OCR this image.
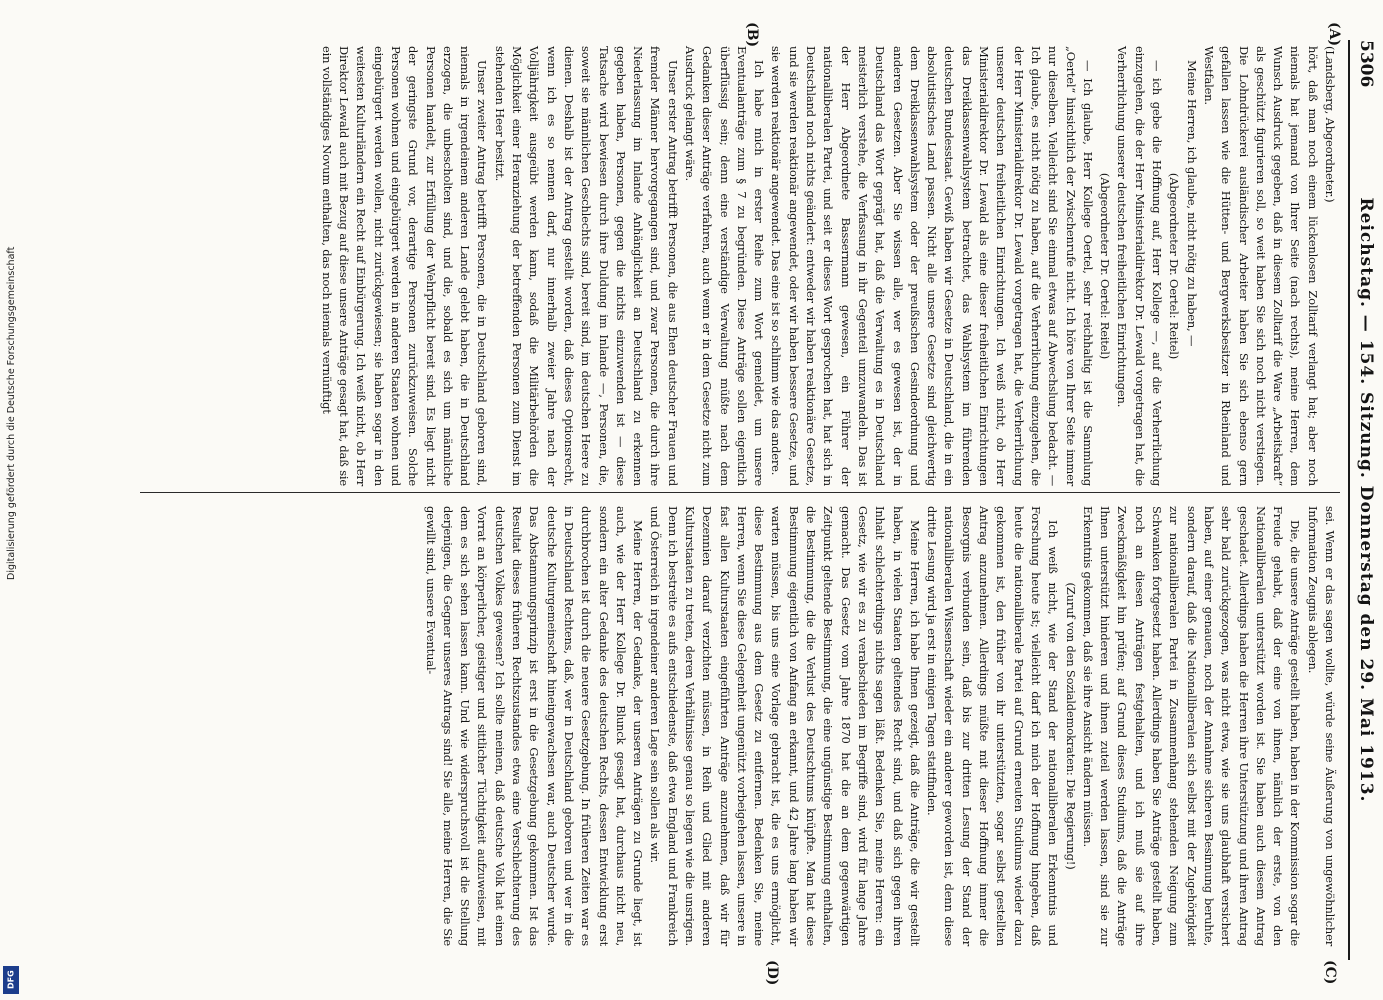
5306
Reichstag. — 154. Sitzung. Donnerstag den 29. Mai 1913.
(A)
(B)
(C)
(D)

(Landsberg, Abgeordneter.)

hört, daß man noch einem lückenlosen Zolltarif verlangt hat; aber noch niemals hat jemand von Ihrer Seite (nach rechts), meine Herren, dem Wunsch Ausdruck gegeben, daß in diesem Zolltarif die Ware „Arbeitskraft“ als geschützt figurieren soll, so weit haben Sie sich noch nicht verstiegen. Die Lohndrückerei ausländischer Arbeiter haben Sie sich ebenso gern gefallen lassen wie die Hütten- und Bergwerksbesitzer in Rheinland und Westfalen.

Meine Herren, ich glaube, nicht nötig zu haben, —

(Abgeordneter Dr. Oertel: Reitel)

— ich gebe die Hoffnung auf, Herr Kollege —, auf die Verherrlichung einzugehen, die der Herr Ministerialdirektor Dr. Lewald vorgetragen hat, die Verherrlichung unserer deutschen freiheitlichen Einrichtungen.

(Abgeordneter Dr. Oertel: Reitel)

— Ich glaube, Herr Kollege Oertel, sehr reichhaltig ist die Sammlung „Oertel“ hinsichtlich der Zwischenrufe nicht. Ich höre von Ihrer Seite immer nur dieselben. Vielleicht sind Sie einmal etwas auf Abwechslung bedacht. — Ich glaube, es nicht nötig zu haben, auf die Verherrlichung einzugehen, die der Herr Ministerialdirektor Dr. Lewald vorgetragen hat, die Verherrlichung unserer deutschen freiheitlichen Einrichtungen. Ich weiß nicht, ob Herr Ministerialdirektor Dr. Lewald als eine dieser freiheitlichen Einrichtungen das Dreiklassenwahlsystem betrachtet, das Wahlsystem im führenden deutschen Bundesstaat. Gewiß haben wir Gesetze in Deutschland, die in ein absolutistisches Land passen. Nicht alle unsere Gesetze sind gleichwertig dem Dreiklassenwahlsystem oder der preußischen Gesindeordnung und anderen Gesetzen. Aber Sie wissen alle, wer es gewesen ist, der in Deutschland das Wort geprägt hat, daß die Verwaltung es in Deutschland meisterlich verstehe, die Verfassung in ihr Gegenteil umzuwandeln. Das ist der Herr Abgeordnete Bassermann gewesen, ein Führer der nationalliberalen Partei, und seit er dieses Wort gesprochen hat, hat sich in Deutschland noch nichts geändert: entweder wir haben reaktionäre Gesetze, und sie werden reaktionär angewendet, oder wir haben bessere Gesetze, und sie werden reaktionär angewendet. Das eine ist so schlimm wie das andere.

Ich habe mich in erster Reihe zum Wort gemeldet, um unsere Eventualanträge zum § 7 zu begründen. Diese Anträge sollen eigentlich überflüssig sein; denn eine verständige Verwaltung müßte nach dem Gedanken dieser Anträge verfahren, auch wenn er in dem Gesetze nicht zum Ausdruck gelangt wäre.

Unser erster Antrag betrifft Personen, die aus Ehen deutscher Frauen und fremder Männer hervorgegangen sind, und zwar Personen, die durch ihre Niederlassung im Inlande Anhänglichkeit an Deutschland zu erkennen gegeben haben, Personen, gegen die nichts einzuwenden ist — diese Tatsache wird bewiesen durch ihre Duldung im Inlande —, Personen, die, soweit sie männlichen Geschlechts sind, bereit sind, im deutschen Heere zu dienen. Deshalb ist der Antrag gestellt worden, daß dieses Optionsrecht, wenn ich es so nennen darf, nur innerhalb zweier Jahre nach der Volljährigkeit ausgeübt werden kann, sodaß die Militärbehörden die Möglichkeit einer Heranziehung der betreffenden Personen zum Dienst im stehenden Heer besitzt.

Unser zweiter Antrag betrifft Personen, die in Deutschland geboren sind, niemals in irgendeinem anderen Lande gelebt haben, die in Deutschland erzogen, die unbescholten sind, und die, sobald es sich um männliche Personen handelt, zur Erfüllung der Wehrpflicht bereit sind. Es liegt nicht der geringste Grund vor, derartige Personen zurückzuweisen. Solche Personen wohnen und eingebürgert werden in anderen Staaten wohnen und eingebürgert werden wollen, nicht zurückgewiesen; sie haben sogar in den weitesten Kulturländern ein Recht auf Einbürgerung. Ich weiß nicht, ob Herr Direktor Lewald auch mit Bezug auf diese unsere Anträge gesagt hat, daß sie ein vollständiges Novum enthalten, das noch niemals vernünftigt

sei. Wenn er das sagen wollte, würde seine Äußerung von ungewöhnlicher Information Zeugnis ablegen.

Die, die unsere Anträge gestellt haben, haben in der Kommission sogar die Freude gehabt, daß der eine von ihnen, nämlich der erste, von den Nationalliberalen unterstützt worden ist. Sie haben auch diesem Antrag geschadet. Allerdings haben die Herren ihre Unterstützung und ihren Antrag sehr bald zurückgezogen, was nicht etwa, wie sie uns glaubhaft versichert haben, auf einer genauen, noch der Annahme sicheren Besinnung beruhte, sondern darauf, daß die Nationalliberalen sich selbst mit der Zugehörigkeit zur nationalliberalen Partei in Zusammenhang stehenden Neigung zum Schwanken fortgesetzt haben. Allerdings haben Sie Anträge gestellt haben, noch an diesen Anträgen festgehalten, und ich muß sie auf ihre Zweckmäßigkeit hin prüfen; auf Grund dieses Studiums, daß die Anträge Ihnen unterstützt hinderen und ihnen zuteil werden lassen, sind sie zur Erkenntnis gekommen, daß sie ihre Ansicht ändern müssen.

(Zuruf von den Sozialdemokraten: Die Regierung!)

Ich weiß nicht, wie der Stand der nationalliberalen Erkenntnis und Forschung heute ist; vielleicht darf ich mich der Hoffnung hingeben, daß heute die nationalliberale Partei auf Grund erneuten Studiums wieder dazu gekommen ist, den früher von ihr unterstützten, sogar selbst gestellten Antrag anzunehmen. Allerdings müßte mit dieser Hoffnung immer die Besorgnis verbunden sein, daß bis zur dritten Lesung der Stand der nationalliberalen Wissenschaft wieder ein anderer geworden ist, denn diese dritte Lesung wird ja erst in einigen Tagen stattfinden.

Meine Herren, ich habe Ihnen gezeigt, daß die Anträge, die wir gestellt haben, in vielen Staaten geltendes Recht sind, und daß sich gegen ihren Inhalt schlechterdings nichts sagen läßt. Bedenken Sie, meine Herren: ein Gesetz, wie wir es zu verabschieden im Begriffe sind, wird für lange Jahre gemacht. Das Gesetz vom Jahre 1870 hat die an dem gegenwärtigen Zeitpunkt geltende Bestimmung, die eine ungünstige Bestimmung enthalten, die Bestimmung, die die Verlust des Deutschtums knüpfte. Man hat diese Bestimmung eigentlich von Anfang an erkannt, und 42 Jahre lang haben wir warten müssen, bis uns eine Vorlage gebracht ist, die es uns ermöglicht, diese Bestimmung aus dem Gesetz zu entfernen. Bedenken Sie, meine Herren, wenn Sie diese Gelegenheit ungenützt vorbeigehen lassen, unsere in fast allen Kulturstaaten eingeführten Anträge anzunehmen, daß wir für Dezennien darauf verzichten müssen, in Reih und Glied mit anderen Kulturstaaten zu treten, deren Verhältnisse genau so liegen wie die unsrigen. Denn ich bestreite es aufs entschiedenste, daß etwa England und Frankreich und Österreich in irgendeiner anderen Lage sein sollen als wir.

Meine Herren, der Gedanke, der unseren Anträgen zu Grunde liegt, ist auch, wie der Herr Kollege Dr. Blunck gesagt hat, durchaus nicht neu, sondern ein alter Gedanke des deutschen Rechts, dessen Entwicklung erst durchbrochen ist durch die neuere Gesetzgebung. In früheren Zeiten war es in Deutschland Rechtens, daß, wer in Deutschland geboren und wer in die deutsche Kulturgemeinschaft hineingewachsen war, auch Deutscher wurde. Das Abstammungsprinzip ist erst in die Gesetzgebung gekommen. Ist das Resultat dieses früheren Rechtszustandes etwa eine Verschlechterung des deutschen Volkes gewesen? Ich sollte meinen, daß deutsche Volk hat einen Vorrat an körperlicher, geistiger und sittlicher Tüchtigkeit aufzuweisen, mit dem es sich sehen lassen kann. Und wie widerspruchsvoll ist die Stellung derjenigen, die Gegner unseres Antrags sind! Sie alle, meine Herren, die Sie gewillt sind, unsere Eventual-

Digitalisierung gefördert durch die Deutsche Forschungsgemeinschaft
DFG
